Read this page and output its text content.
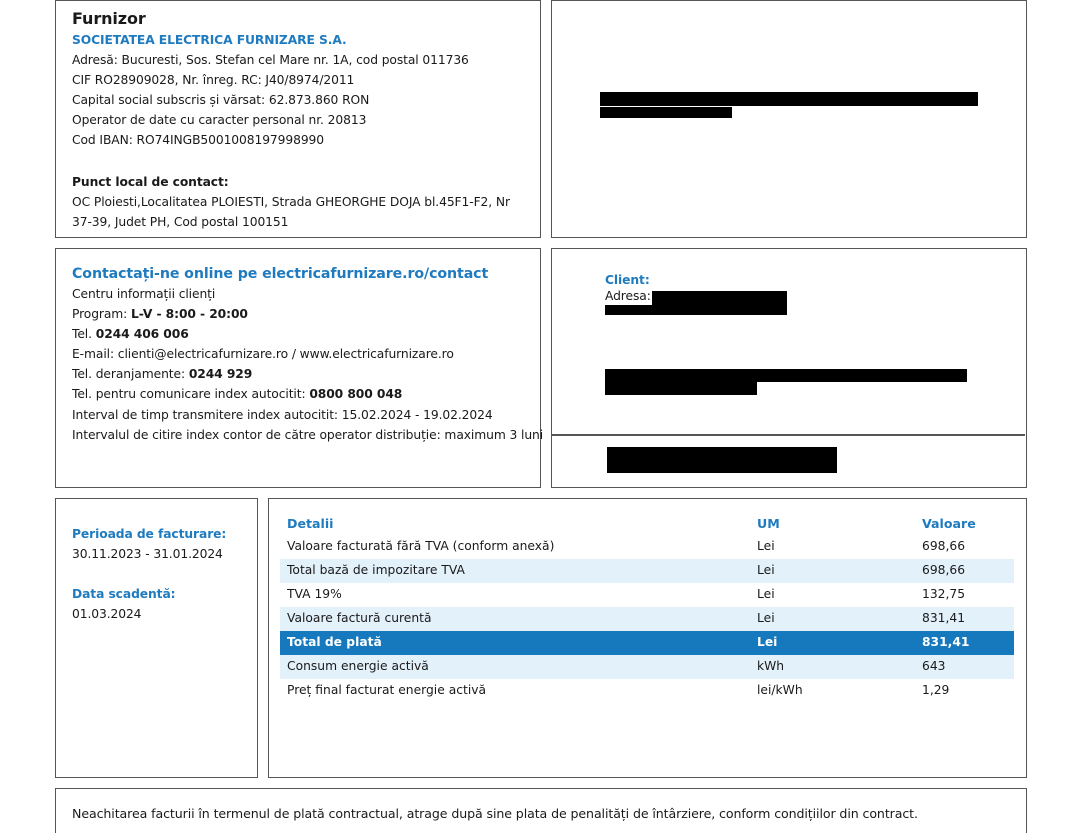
Furnizor
SOCIETATEA ELECTRICA FURNIZARE S.A.
Adresă: Bucuresti, Sos. Stefan cel Mare nr. 1A, cod postal 011736
CIF RO28909028, Nr. înreg. RC: J40/8974/2011
Capital social subscris și vărsat: 62.873.860 RON
Operator de date cu caracter personal nr. 20813
Cod IBAN: RO74INGB5001008197998990
Punct local de contact:
OC Ploiesti,Localitatea PLOIESTI, Strada GHEORGHE DOJA bl.45F1-F2, Nr
37-39, Judet PH, Cod postal 100151
Contactați-ne online pe electricafurnizare.ro/contact
Centru informații clienți
Program: L-V - 8:00 - 20:00
Tel. 0244 406 006
E-mail: clienti@electricafurnizare.ro / www.electricafurnizare.ro
Tel. deranjamente: 0244 929
Tel. pentru comunicare index autocitit: 0800 800 048
Interval de timp transmitere index autocitit: 15.02.2024 - 19.02.2024
Intervalul de citire index contor de către operator distribuție: maximum 3 luni
Client:
Adresa:
Perioada de facturare:
30.11.2023 - 31.01.2024
Data scadentă:
01.03.2024
Detalii	UM	Valoare
Valoare facturată fără TVA (conform anexă)	Lei	698,66
Total bază de impozitare TVA	Lei	698,66
TVA 19%	Lei	132,75
Valoare factură curentă	Lei	831,41
Total de plată	Lei	831,41
Consum energie activă	kWh	643
Preț final facturat energie activă	lei/kWh	1,29
Neachitarea facturii în termenul de plată contractual, atrage după sine plata de penalități de întârziere, conform condițiilor din contract.
